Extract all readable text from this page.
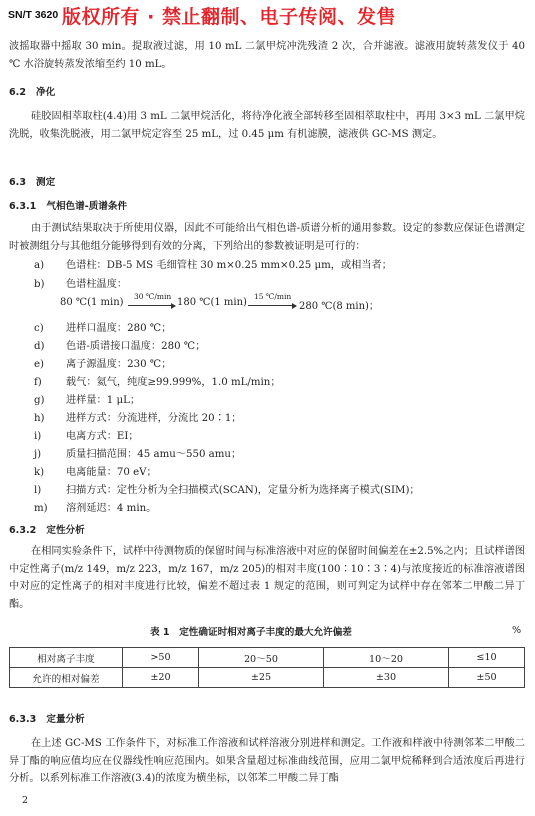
SN/T 3620 版权所有 · 禁止翻制、电子传阅、发售
波摇取器中摇取 30 min。提取液过滤，用 10 mL 二氯甲烷冲洗残渣 2 次，合并滤液。滤液用旋转蒸发仪于 40 ℃ 水浴旋转蒸发浓缩至约 10 mL。
6.2 净化
硅胶固相萃取柱(4.4)用 3 mL 二氯甲烷活化，将待净化液全部转移至固相萃取柱中，再用 3×3 mL 二氯甲烷洗脱，收集洗脱液，用二氯甲烷定容至 25 mL，过 0.45 μm 有机滤膜，滤液供 GC-MS 测定。
6.3 测定
6.3.1 气相色谱-质谱条件
由于测试结果取决于所使用仪器，因此不可能给出气相色谱-质谱分析的通用参数。设定的参数应保证色谱测定时被测组分与其他组分能够得到有效的分离，下列给出的参数被证明是可行的：
a) 色谱柱：DB-5 MS 毛细管柱 30 m×0.25 mm×0.25 μm，或相当者；
b) 色谱柱温度：
80 ℃(1 min)
30 ℃/min
180 ℃(1 min)
15 ℃/min
280 ℃(8 min)；
c) 进样口温度：280 ℃；
d) 色谱-质谱接口温度：280 ℃；
e) 离子源温度：230 ℃；
f) 载气：氦气，纯度≥99.999%，1.0 mL/min；
g) 进样量：1 μL；
h) 进样方式：分流进样，分流比 20∶1；
i) 电离方式：EI；
j) 质量扫描范围：45 amu～550 amu；
k) 电离能量：70 eV；
l) 扫描方式：定性分析为全扫描模式(SCAN)，定量分析为选择离子模式(SIM)；
m) 溶剂延迟：4 min。
6.3.2 定性分析
在相同实验条件下，试样中待测物质的保留时间与标准溶液中对应的保留时间偏差在±2.5%之内；且试样谱图中定性离子(m/z 149，m/z 223，m/z 167，m/z 205)的相对丰度(100∶10∶3∶4)与浓度接近的标准溶液谱图中对应的定性离子的相对丰度进行比较，偏差不超过表 1 规定的范围，则可判定为试样中存在邻苯二甲酸二异丁酯。
表 1　定性确证时相对离子丰度的最大允许偏差	%
相对离子丰度	>50	20～50	10～20	≤10
允许的相对偏差	±20	±25	±30	±50
6.3.3 定量分析
在上述 GC-MS 工作条件下，对标准工作溶液和试样溶液分别进样和测定。工作液和样液中待测邻苯二甲酸二异丁酯的响应值均应在仪器线性响应范围内。如果含量超过标准曲线范围，应用二氯甲烷稀释到合适浓度后再进行分析。以系列标准工作溶液(3.4)的浓度为横坐标，以邻苯二甲酸二异丁酯
2
